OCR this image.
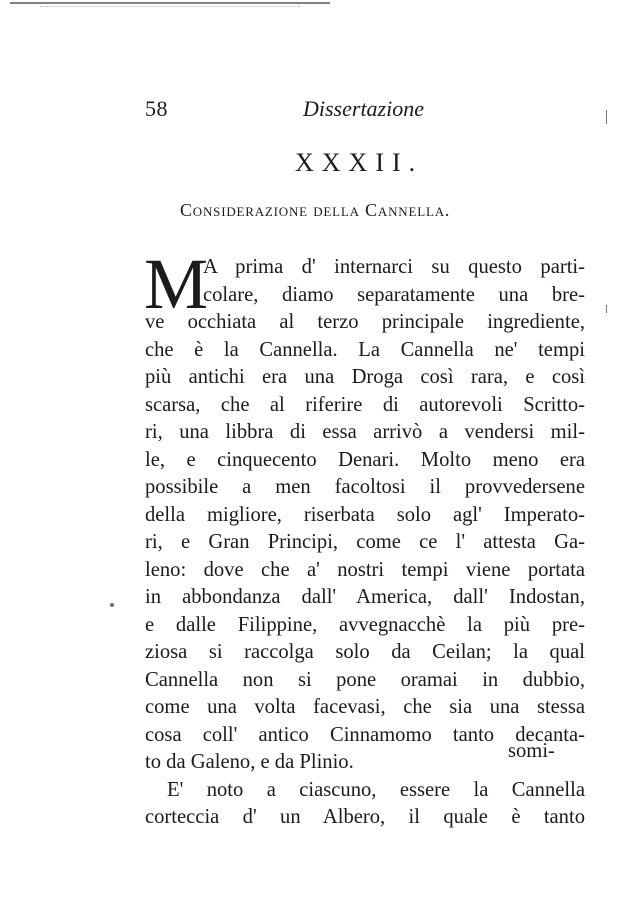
58	Dissertazione
XXXII.
Considerazione della Cannella.
M
A prima d' internarci su questo parti-
colare, diamo separatamente una bre-
ve occhiata al terzo principale ingrediente,
che è la Cannella. La Cannella ne' tempi
più antichi era una Droga così rara, e così
scarsa, che al riferire di autorevoli Scritto-
ri, una libbra di essa arrivò a vendersi mil-
le, e cinquecento Denari. Molto meno era
possibile a men facoltosi il provvedersene
della migliore, riserbata solo agl' Imperato-
ri, e Gran Principi, come ce l' attesta Ga-
leno: dove che a' nostri tempi viene portata
in abbondanza dall' America, dall' Indostan,
e dalle Filippine, avvegnacchè la più pre-
ziosa si raccolga solo da Ceilan; la qual
Cannella non si pone oramai in dubbio,
come una volta facevasi, che sia una stessa
cosa coll' antico Cinnamomo tanto decanta-
to da Galeno, e da Plinio.
E' noto a ciascuno, essere la Cannella
corteccia d' un Albero, il quale è tanto
somi-
